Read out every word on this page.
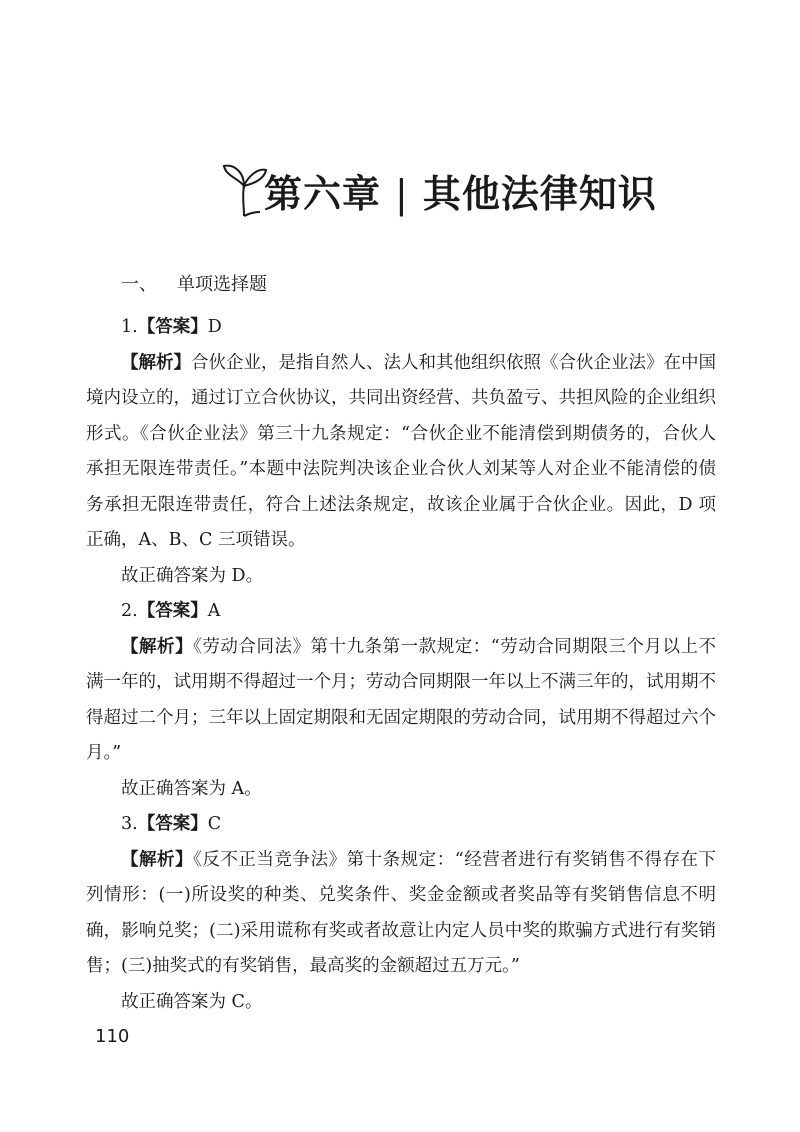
第六章 | 其他法律知识
一、 单项选择题

1.【答案】D

【解析】合伙企业，是指自然人、法人和其他组织依照《合伙企业法》在中国境内设立的，通过订立合伙协议，共同出资经营、共负盈亏、共担风险的企业组织形式。《合伙企业法》第三十九条规定：“合伙企业不能清偿到期债务的，合伙人承担无限连带责任。”本题中法院判决该企业合伙人刘某等人对企业不能清偿的债务承担无限连带责任，符合上述法条规定，故该企业属于合伙企业。因此，D 项正确，A、B、C 三项错误。

故正确答案为 D。

2.【答案】A

【解析】《劳动合同法》第十九条第一款规定：“劳动合同期限三个月以上不满一年的，试用期不得超过一个月；劳动合同期限一年以上不满三年的，试用期不得超过二个月；三年以上固定期限和无固定期限的劳动合同，试用期不得超过六个月。”

故正确答案为 A。

3.【答案】C

【解析】《反不正当竞争法》第十条规定：“经营者进行有奖销售不得存在下列情形：(一)所设奖的种类、兑奖条件、奖金金额或者奖品等有奖销售信息不明确，影响兑奖；(二)采用谎称有奖或者故意让内定人员中奖的欺骗方式进行有奖销售；(三)抽奖式的有奖销售，最高奖的金额超过五万元。”

故正确答案为 C。

110
